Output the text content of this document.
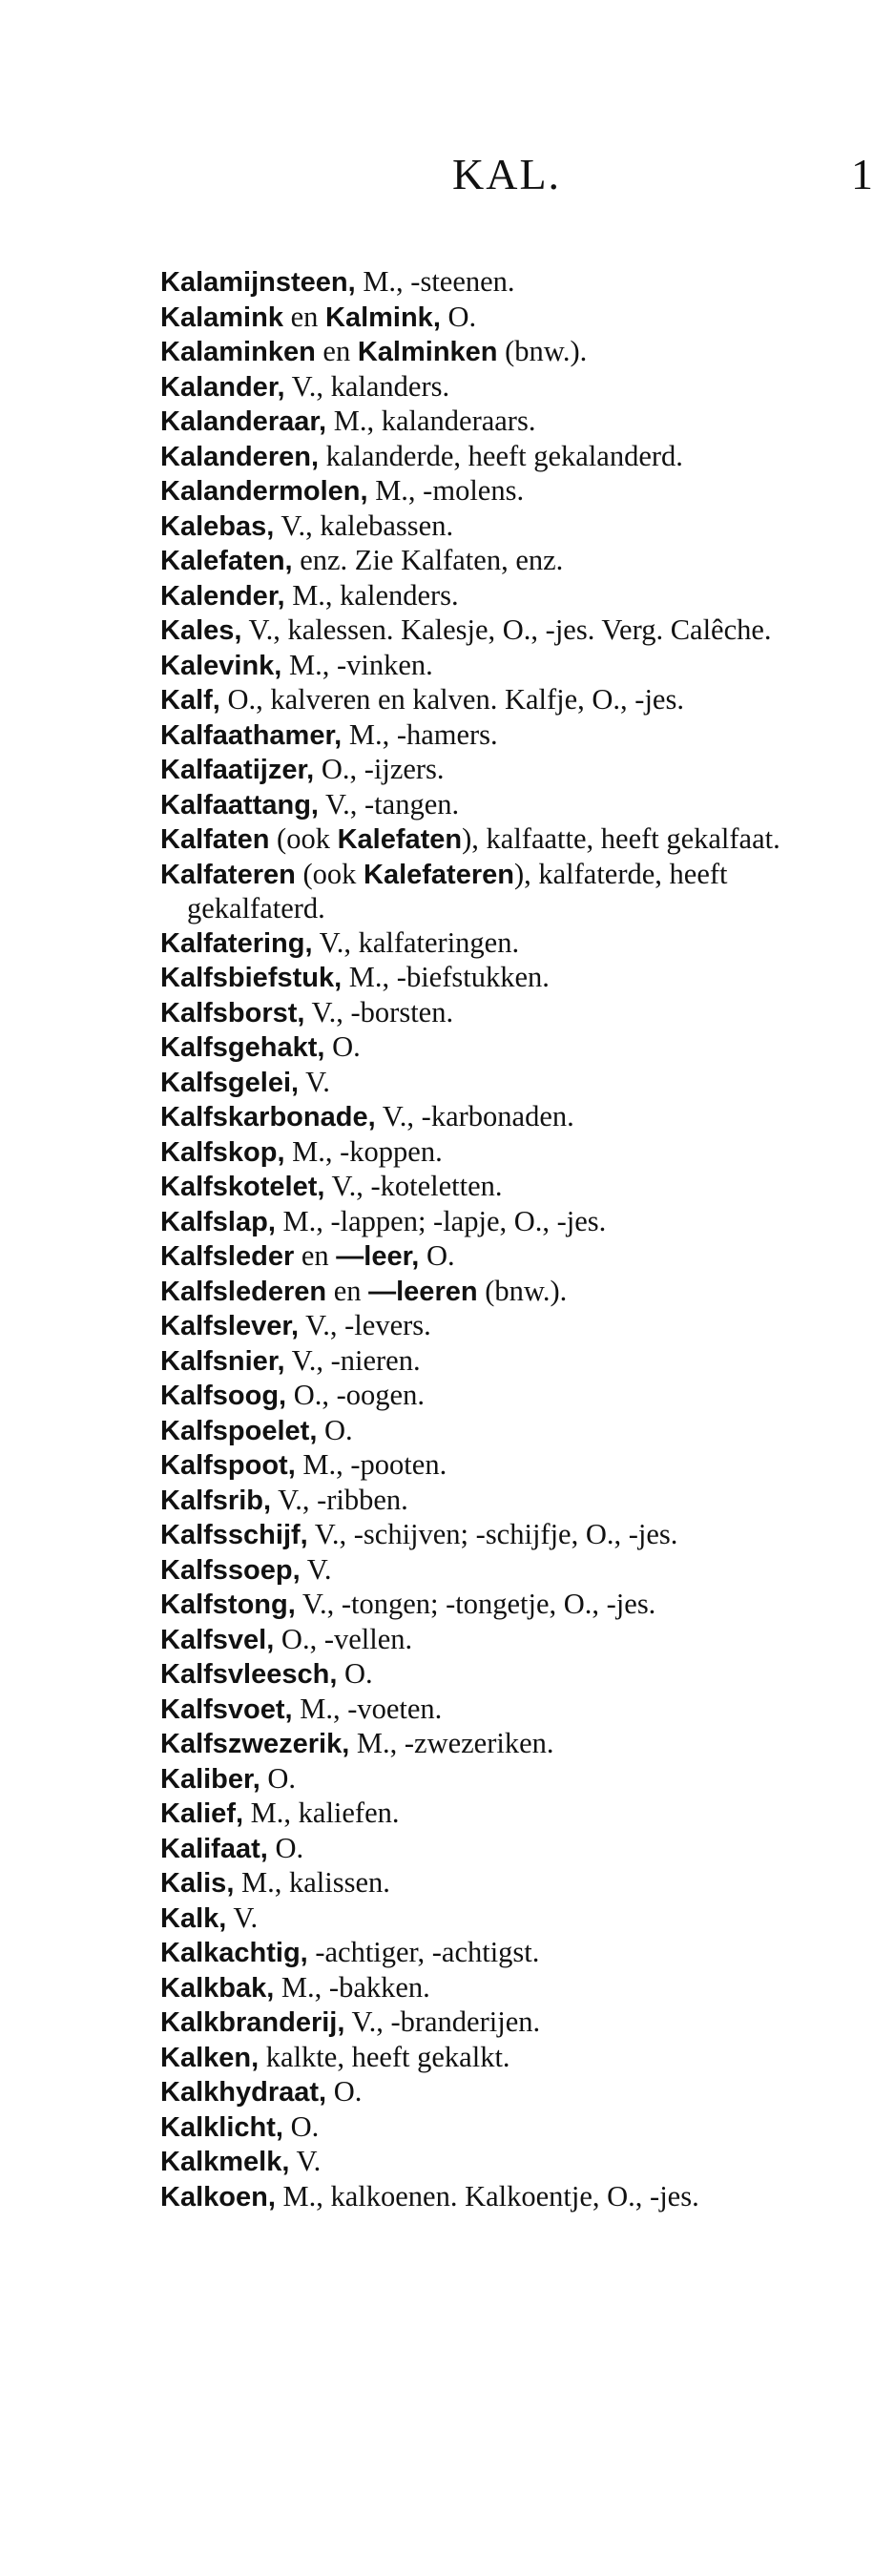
KAL.	1
Kalamijnsteen, M., -steenen.
Kalamink en Kalmink, O.
Kalaminken en Kalminken (bnw.).
Kalander, V., kalanders.
Kalanderaar, M., kalanderaars.
Kalanderen, kalanderde, heeft gekalanderd.
Kalandermolen, M., -molens.
Kalebas, V., kalebassen.
Kalefaten, enz. Zie Kalfaten, enz.
Kalender, M., kalenders.
Kales, V., kalessen. Kalesje, O., -jes. Verg. Calêche.
Kalevink, M., -vinken.
Kalf, O., kalveren en kalven. Kalfje, O., -jes.
Kalfaathamer, M., -hamers.
Kalfaatijzer, O., -ijzers.
Kalfaattang, V., -tangen.
Kalfaten (ook Kalefaten), kalfaatte, heeft gekalfaat.
Kalfateren (ook Kalefateren), kalfaterde, heeft gekalfaterd.
Kalfatering, V., kalfateringen.
Kalfsbiefstuk, M., -biefstukken.
Kalfsborst, V., -borsten.
Kalfsgehakt, O.
Kalfsgelei, V.
Kalfskarbonade, V., -karbonaden.
Kalfskop, M., -koppen.
Kalfskotelet, V., -koteletten.
Kalfslap, M., -lappen; -lapje, O., -jes.
Kalfsleder en —leer, O.
Kalfslederen en —leeren (bnw.).
Kalfslever, V., -levers.
Kalfsnier, V., -nieren.
Kalfsoog, O., -oogen.
Kalfspoelet, O.
Kalfspoot, M., -pooten.
Kalfsrib, V., -ribben.
Kalfsschijf, V., -schijven; -schijfje, O., -jes.
Kalfssoep, V.
Kalfstong, V., -tongen; -tongetje, O., -jes.
Kalfsvel, O., -vellen.
Kalfsvleesch, O.
Kalfsvoet, M., -voeten.
Kalfszwezerik, M., -zwezeriken.
Kaliber, O.
Kalief, M., kaliefen.
Kalifaat, O.
Kalis, M., kalissen.
Kalk, V.
Kalkachtig, -achtiger, -achtigst.
Kalkbak, M., -bakken.
Kalkbranderij, V., -branderijen.
Kalken, kalkte, heeft gekalkt.
Kalkhydraat, O.
Kalklicht, O.
Kalkmelk, V.
Kalkoen, M., kalkoenen. Kalkoentje, O., -jes.
